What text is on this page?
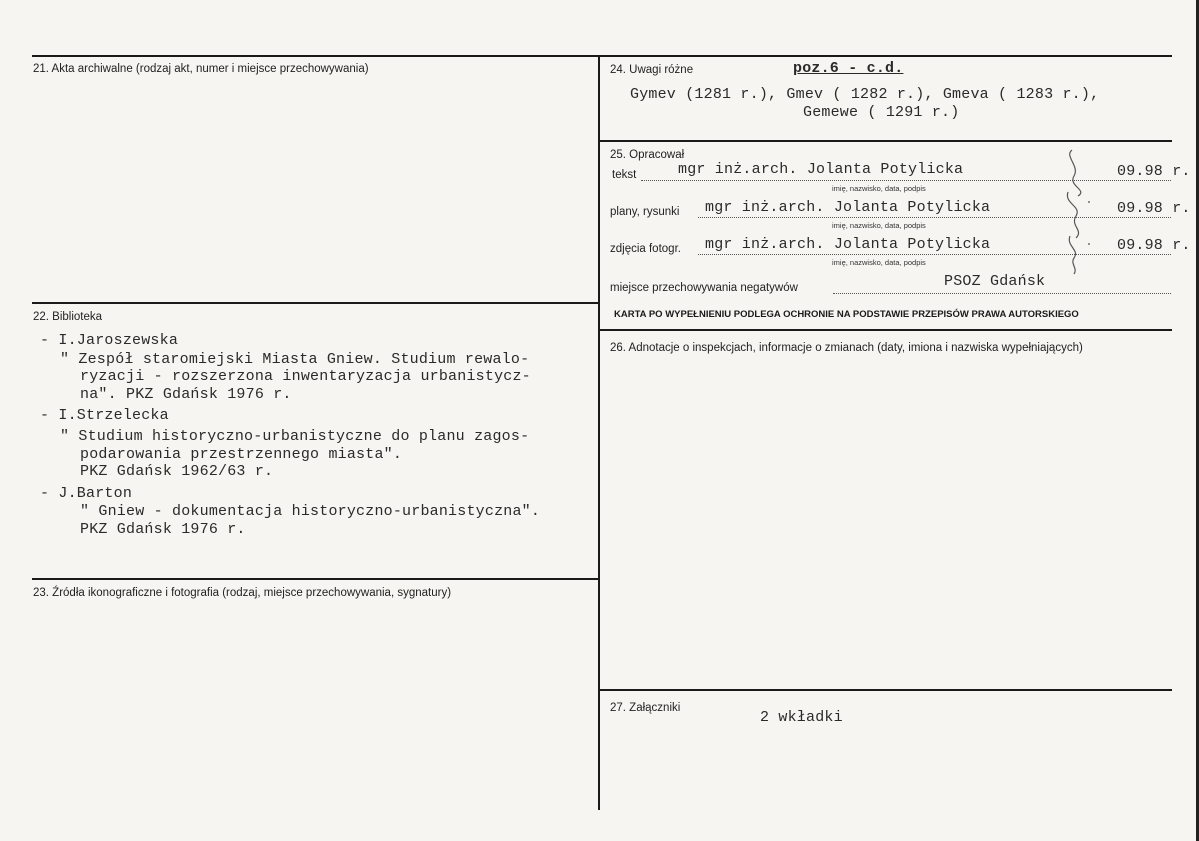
21. Akta archiwalne (rodzaj akt, numer i miejsce przechowywania)
22. Biblioteka
- I.Jaroszewska
" Zespół staromiejski Miasta Gniew. Studium rewalo-
ryzacji - rozszerzona inwentaryzacja urbanistycz-
na". PKZ Gdańsk 1976 r.
- I.Strzelecka
" Studium historyczno-urbanistyczne do planu zagos-
podarowania przestrzennego miasta".
PKZ Gdańsk 1962/63 r.
- J.Barton
" Gniew - dokumentacja historyczno-urbanistyczna".
PKZ Gdańsk 1976 r.
23. Źródła ikonograficzne i fotografia (rodzaj, miejsce przechowywania, sygnatury)
24. Uwagi różne	poz.6 - c.d.
Gymev (1281 r.), Gmev ( 1282 r.), Gmeva ( 1283 r.),
Gemewe ( 1291 r.)
25. Opracował
tekst	mgr inż.arch. Jolanta Potylicka	09.98 r.
imię, nazwisko, data, podpis
plany, rysunki mgr inż.arch. Jolanta Potylicka	09.98 r.
imię, nazwisko, data, podpis
zdjęcia fotogr. mgr inż.arch. Jolanta Potylicka	09.98 r.
imię, nazwisko, data, podpis
miejsce przechowywania negatywów	PSOZ Gdańsk
KARTA PO WYPEŁNIENIU PODLEGA OCHRONIE NA PODSTAWIE PRZEPISÓW PRAWA AUTORSKIEGO
26. Adnotacje o inspekcjach, informacje o zmianach (daty, imiona i nazwiska wypełniających)
27. Załączniki
2 wkładki
